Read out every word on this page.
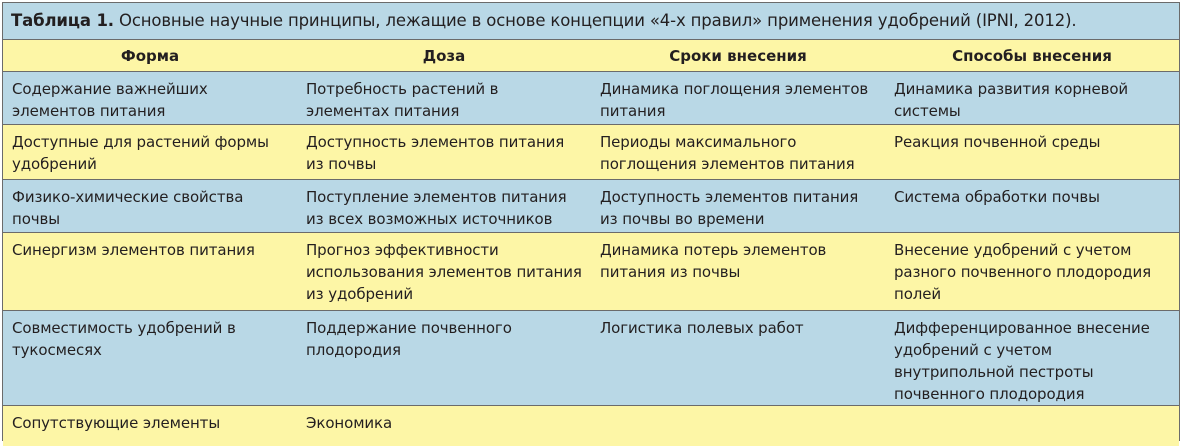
Таблица 1. Основные научные принципы, лежащие в основе концепции «4-х правил» применения удобрений (IPNI, 2012).
Форма	Доза	Сроки внесения	Способы внесения
Содержание важнейших элементов питания	Потребность растений в элементах питания	Динамика поглощения элементов питания	Динамика развития корневой системы
Доступные для растений формы удобрений	Доступность элементов питания из почвы	Периоды максимального поглощения элементов питания	Реакция почвенной среды
Физико-химические свойства почвы	Поступление элементов питания из всех возможных источников	Доступность элементов питания из почвы во времени	Система обработки почвы
Синергизм элементов питания	Прогноз эффективности использования элементов питания из удобрений	Динамика потерь элементов питания из почвы	Внесение удобрений с учетом разного почвенного плодородия полей
Совместимость удобрений в тукосмесях	Поддержание почвенного плодородия	Логистика полевых работ	Дифференцированное внесение удобрений с учетом внутрипольной пестроты почвенного плодородия
Сопутствующие элементы	Экономика		
